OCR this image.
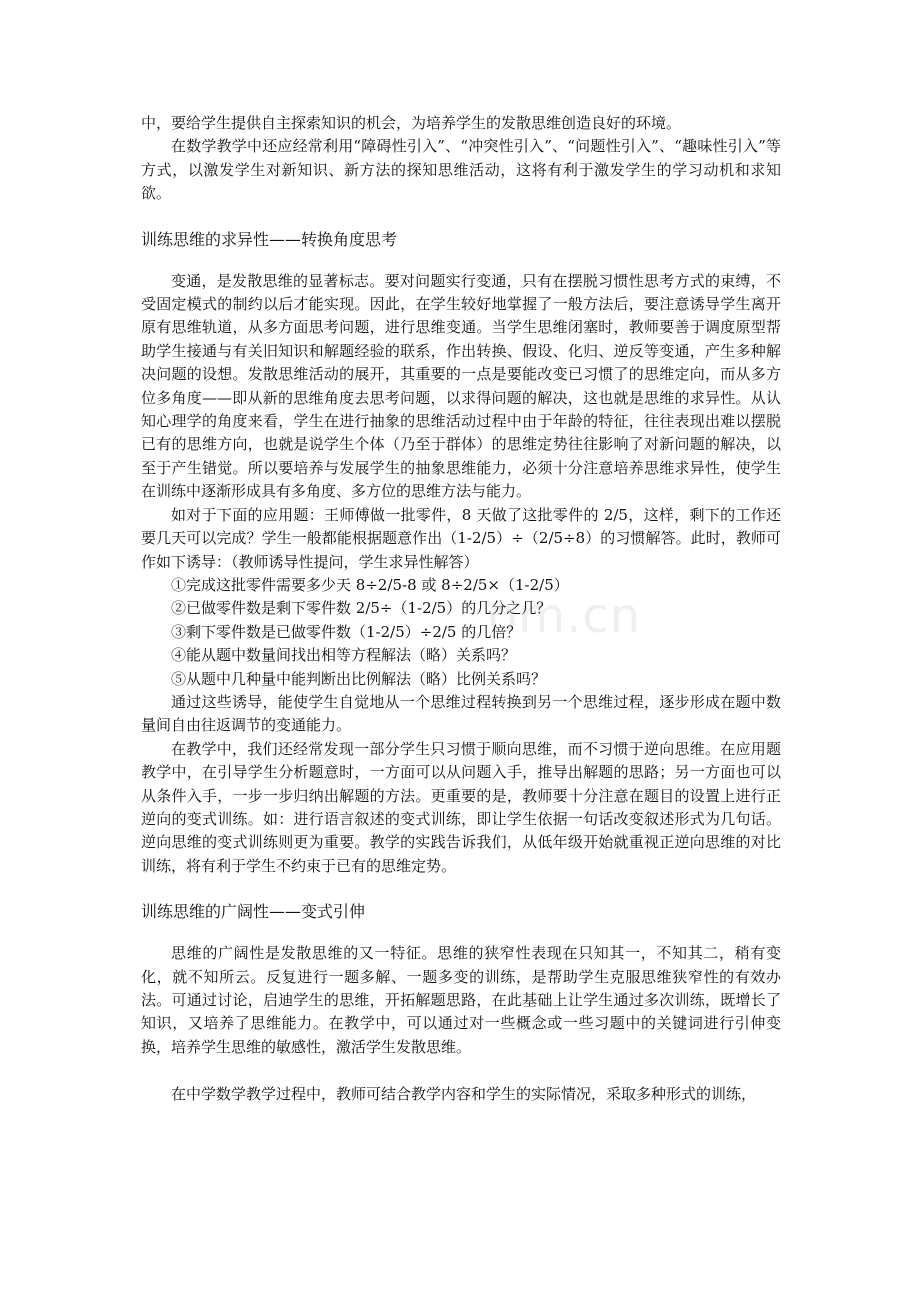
om.cn

中，要给学生提供自主探索知识的机会，为培养学生的发散思维创造良好的环境。

在数学教学中还应经常利用“障碍性引入”、“冲突性引入”、“问题性引入”、“趣味性引入”等方式，以激发学生对新知识、新方法的探知思维活动，这将有利于激发学生的学习动机和求知欲。

训练思维的求异性——转换角度思考

变通，是发散思维的显著标志。要对问题实行变通，只有在摆脱习惯性思考方式的束缚，不受固定模式的制约以后才能实现。因此，在学生较好地掌握了一般方法后，要注意诱导学生离开原有思维轨道，从多方面思考问题，进行思维变通。当学生思维闭塞时，教师要善于调度原型帮助学生接通与有关旧知识和解题经验的联系，作出转换、假设、化归、逆反等变通，产生多种解决问题的设想。发散思维活动的展开，其重要的一点是要能改变已习惯了的思维定向，而从多方位多角度——即从新的思维角度去思考问题，以求得问题的解决，这也就是思维的求异性。从认知心理学的角度来看，学生在进行抽象的思维活动过程中由于年龄的特征，往往表现出难以摆脱已有的思维方向，也就是说学生个体（乃至于群体）的思维定势往往影响了对新问题的解决，以至于产生错觉。所以要培养与发展学生的抽象思维能力，必须十分注意培养思维求异性，使学生在训练中逐渐形成具有多角度、多方位的思维方法与能力。

如对于下面的应用题：王师傅做一批零件，8 天做了这批零件的 2/5，这样，剩下的工作还要几天可以完成？学生一般都能根据题意作出（1-2/5）÷（2/5÷8）的习惯解答。此时，教师可作如下诱导：（教师诱导性提问，学生求异性解答）

①完成这批零件需要多少天 8÷2/5-8 或 8÷2/5×（1-2/5）

②已做零件数是剩下零件数 2/5÷（1-2/5）的几分之几？

③剩下零件数是已做零件数（1-2/5）÷2/5 的几倍？

④能从题中数量间找出相等方程解法（略）关系吗？

⑤从题中几种量中能判断出比例解法（略）比例关系吗？

通过这些诱导，能使学生自觉地从一个思维过程转换到另一个思维过程，逐步形成在题中数量间自由往返调节的变通能力。

在教学中，我们还经常发现一部分学生只习惯于顺向思维，而不习惯于逆向思维。在应用题教学中，在引导学生分析题意时，一方面可以从问题入手，推导出解题的思路；另一方面也可以从条件入手，一步一步归纳出解题的方法。更重要的是，教师要十分注意在题目的设置上进行正逆向的变式训练。如：进行语言叙述的变式训练，即让学生依据一句话改变叙述形式为几句话。逆向思维的变式训练则更为重要。教学的实践告诉我们，从低年级开始就重视正逆向思维的对比训练，将有利于学生不约束于已有的思维定势。

训练思维的广阔性——变式引伸

思维的广阔性是发散思维的又一特征。思维的狭窄性表现在只知其一，不知其二，稍有变化，就不知所云。反复进行一题多解、一题多变的训练，是帮助学生克服思维狭窄性的有效办法。可通过讨论，启迪学生的思维，开拓解题思路，在此基础上让学生通过多次训练，既增长了知识，又培养了思维能力。在教学中，可以通过对一些概念或一些习题中的关键词进行引伸变换，培养学生思维的敏感性，激活学生发散思维。

在中学数学教学过程中，教师可结合教学内容和学生的实际情况，采取多种形式的训练，
